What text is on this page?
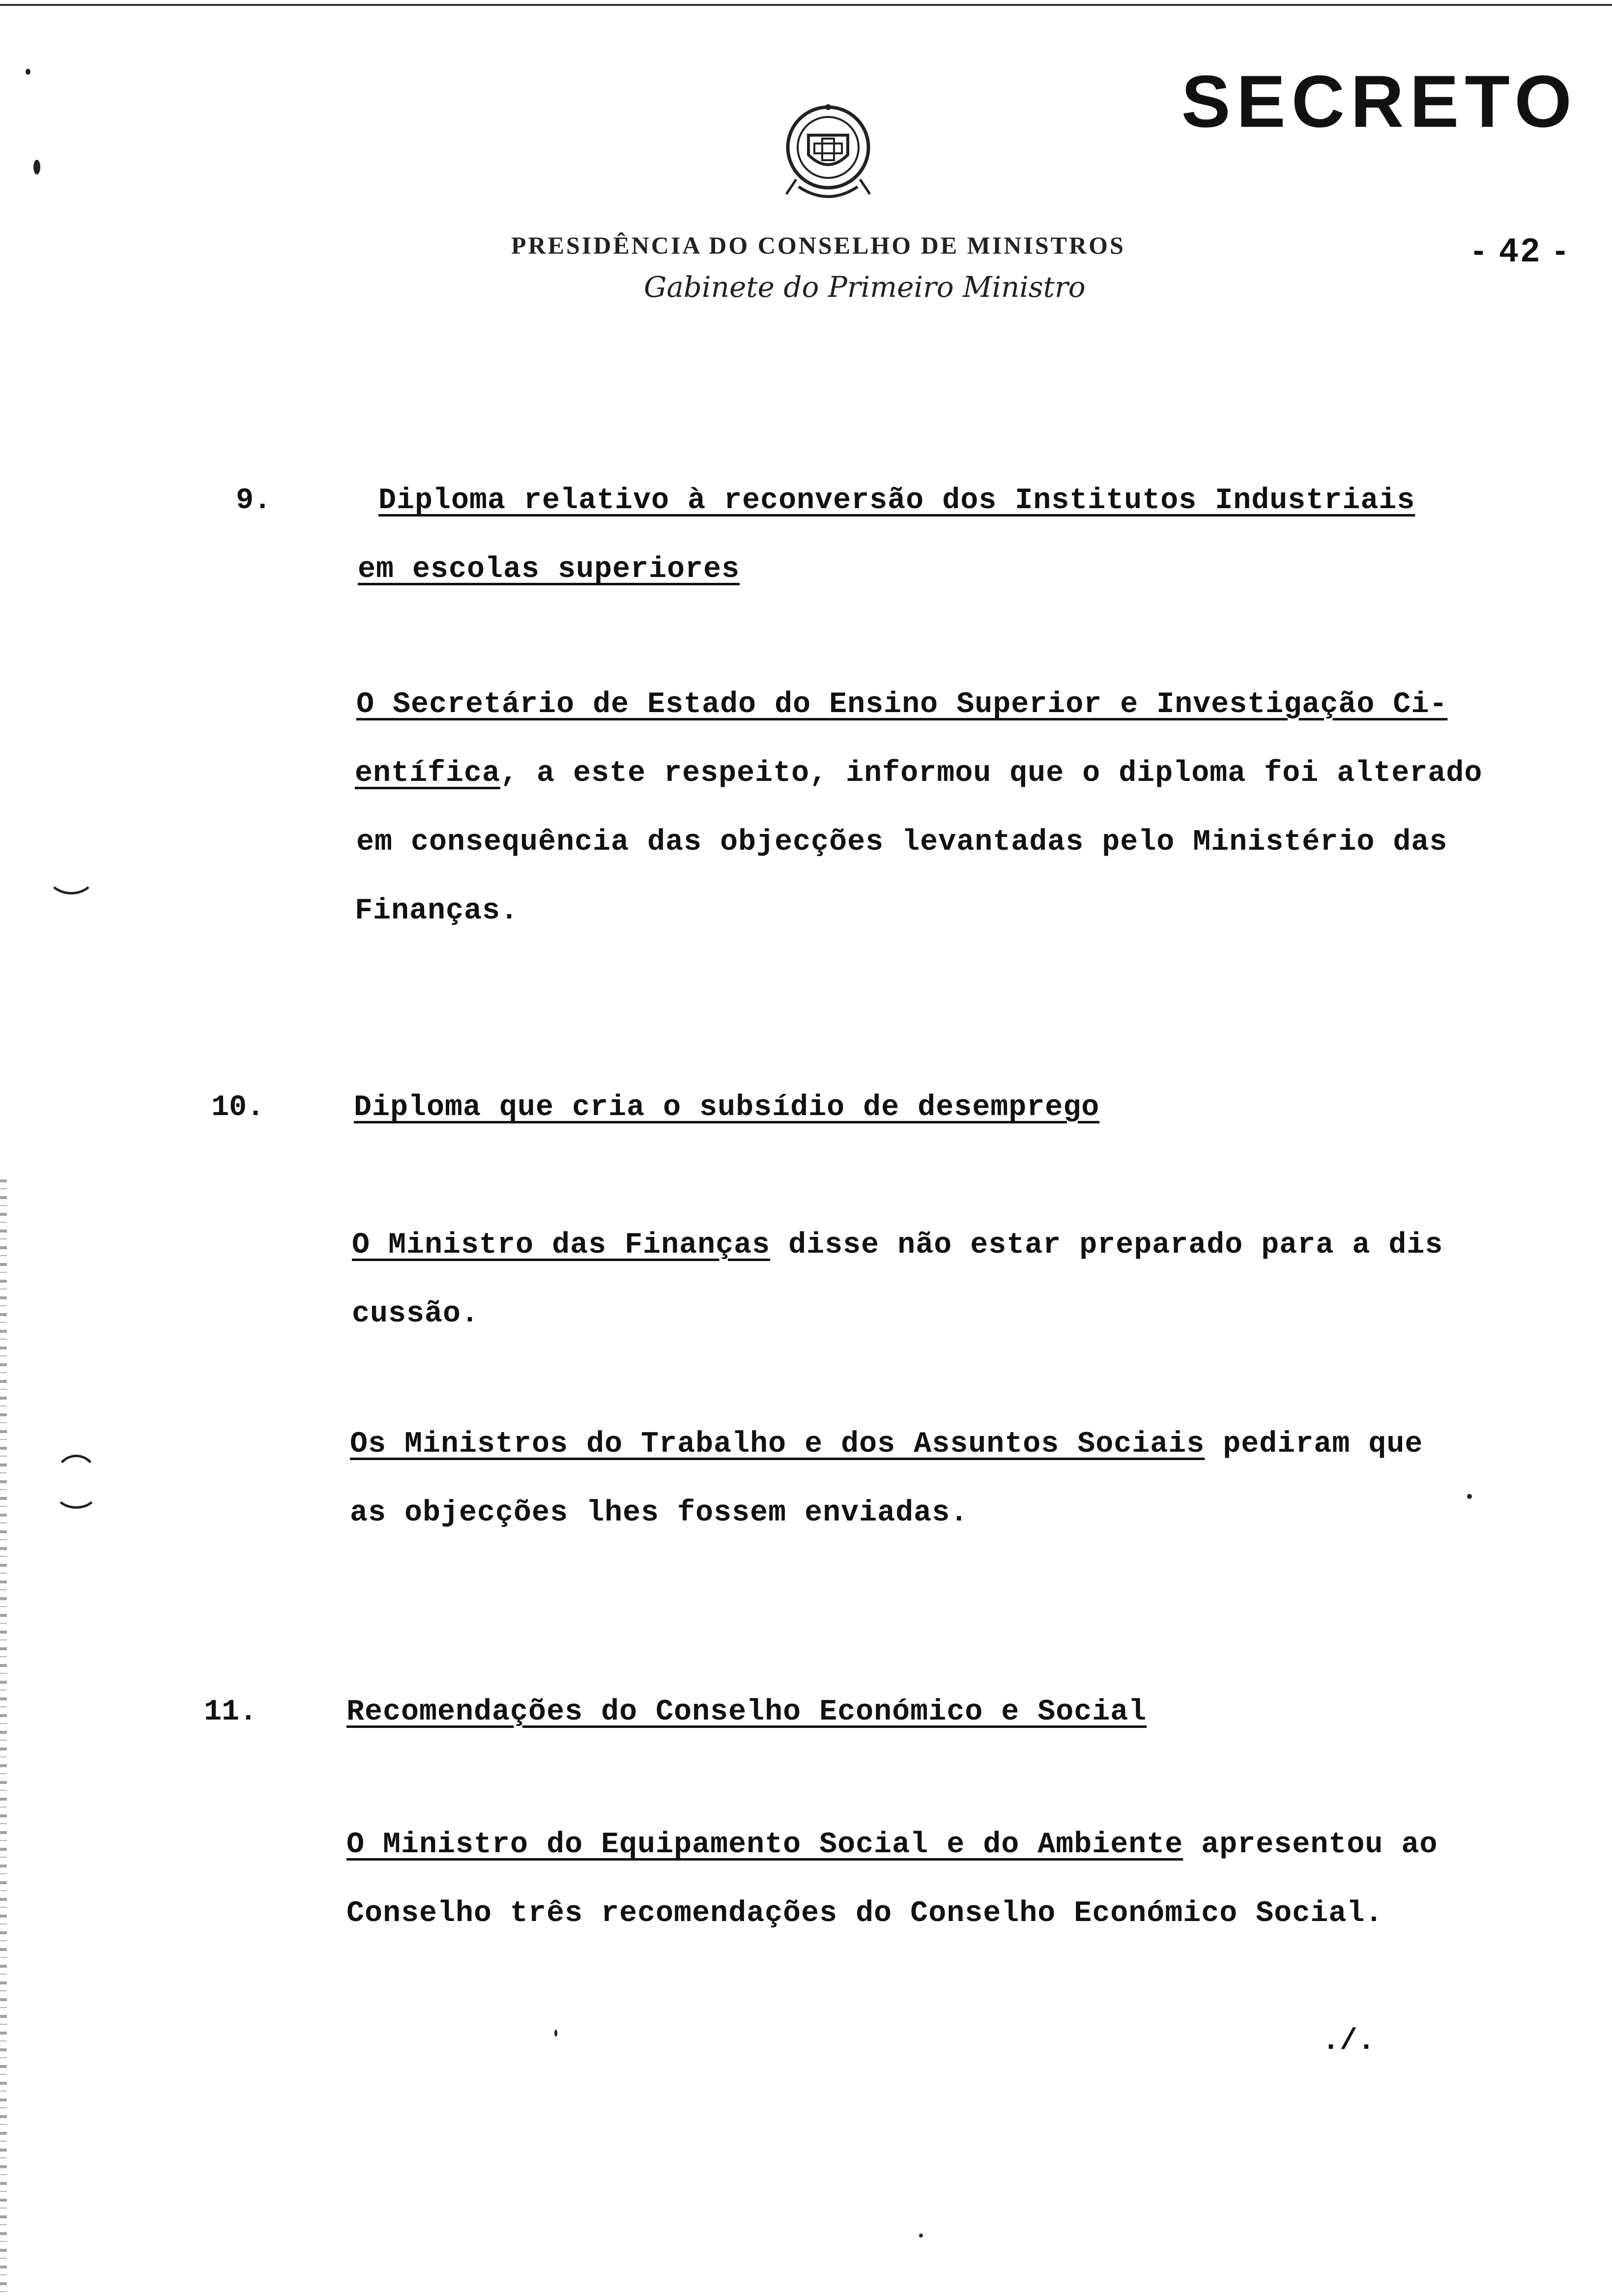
SECRETO
- 42 -
PRESIDÊNCIA DO CONSELHO DE MINISTROS
Gabinete do Primeiro Ministro
9.	Diploma relativo à reconversão dos Institutos Industriais
em escolas superiores
O Secretário de Estado do Ensino Superior e Investigação Ci-
entífica, a este respeito, informou que o diploma foi alterado
em consequência das objecções levantadas pelo Ministério das
Finanças.
10.	Diploma que cria o subsídio de desemprego
O Ministro das Finanças disse não estar preparado para a dis
cussão.
Os Ministros do Trabalho e dos Assuntos Sociais pediram que
as objecções lhes fossem enviadas.
11.	Recomendações do Conselho Económico e Social
O Ministro do Equipamento Social e do Ambiente apresentou ao
Conselho três recomendações do Conselho Económico Social.
./.
